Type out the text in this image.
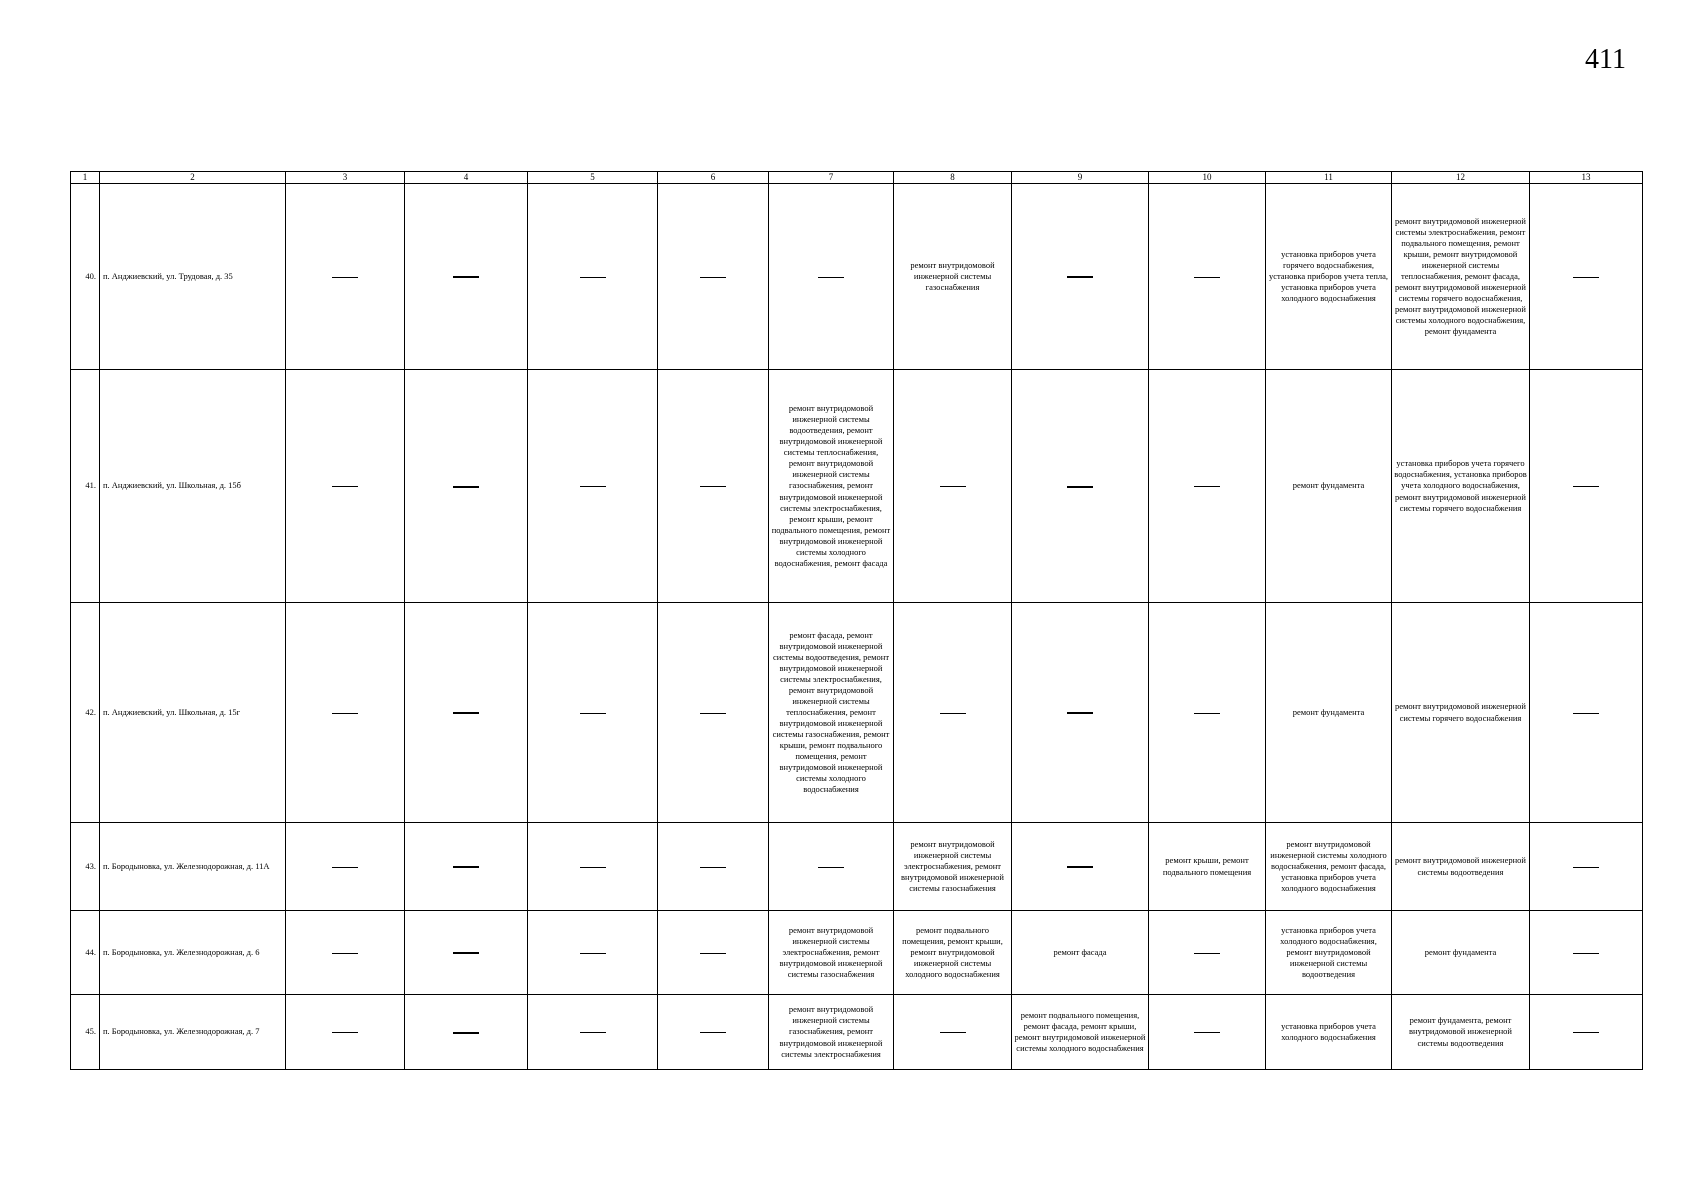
411
1	2	3	4	5	6	7	8	9	10	11	12	13
40.	п. Анджиевский, ул. Трудовая, д. 35						ремонт внутридомовой инженерной системы газоснабжения			установка приборов учета горячего водоснабжения, установка приборов учета тепла, установка приборов учета холодного водоснабжения	ремонт внутридомовой инженерной системы электроснабжения, ремонт подвального помещения, ремонт крыши, ремонт внутридомовой инженерной системы теплоснабжения, ремонт фасада, ремонт внутридомовой инженерной системы горячего водоснабжения, ремонт внутридомовой инженерной системы холодного водоснабжения, ремонт фундамента	
41.	п. Анджиевский, ул. Школьная, д. 15б					ремонт внутридомовой инженерной системы водоотведения, ремонт внутридомовой инженерной системы теплоснабжения, ремонт внутридомовой инженерной системы газоснабжения, ремонт внутридомовой инженерной системы электроснабжения, ремонт крыши, ремонт подвального помещения, ремонт внутридомовой инженерной системы холодного водоснабжения, ремонт фасада				ремонт фундамента	установка приборов учета горячего водоснабжения, установка приборов учета холодного водоснабжения, ремонт внутридомовой инженерной системы горячего водоснабжения	
42.	п. Анджиевский, ул. Школьная, д. 15г					ремонт фасада, ремонт внутридомовой инженерной системы водоотведения, ремонт внутридомовой инженерной системы электроснабжения, ремонт внутридомовой инженерной системы теплоснабжения, ремонт внутридомовой инженерной системы газоснабжения, ремонт крыши, ремонт подвального помещения, ремонт внутридомовой инженерной системы холодного водоснабжения				ремонт фундамента	ремонт внутридомовой инженерной системы горячего водоснабжения	
43.	п. Бородыновка, ул. Железнодорожная, д. 11А						ремонт внутридомовой инженерной системы электроснабжения, ремонт внутридомовой инженерной системы газоснабжения		ремонт крыши, ремонт подвального помещения	ремонт внутридомовой инженерной системы холодного водоснабжения, ремонт фасада, установка приборов учета холодного водоснабжения	ремонт внутридомовой инженерной системы водоотведения	
44.	п. Бородыновка, ул. Железнодорожная, д. 6					ремонт внутридомовой инженерной системы электроснабжения, ремонт внутридомовой инженерной системы газоснабжения	ремонт подвального помещения, ремонт крыши, ремонт внутридомовой инженерной системы холодного водоснабжения	ремонт фасада		установка приборов учета холодного водоснабжения, ремонт внутридомовой инженерной системы водоотведения	ремонт фундамента	
45.	п. Бородыновка, ул. Железнодорожная, д. 7					ремонт внутридомовой инженерной системы газоснабжения, ремонт внутридомовой инженерной системы электроснабжения		ремонт подвального помещения, ремонт фасада, ремонт крыши, ремонт внутридомовой инженерной системы холодного водоснабжения		установка приборов учета холодного водоснабжения	ремонт фундамента, ремонт внутридомовой инженерной системы водоотведения	
